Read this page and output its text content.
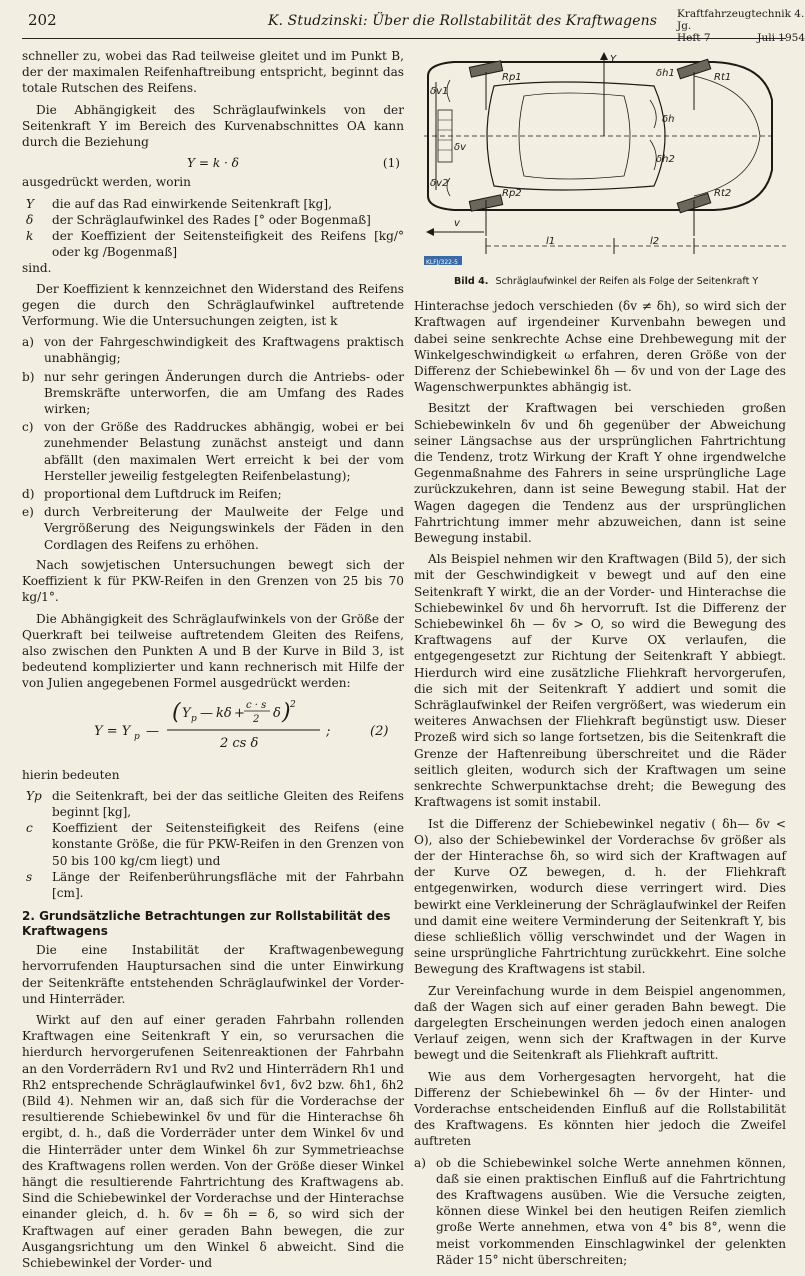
202	K. Studzinski: Über die Rollstabilität des Kraftwagens Kraftfahrzeugtechnik 4. Jg.
Heft 7	Juli 1954

schneller zu, wobei das Rad teilweise gleitet und im Punkt B, der der maximalen Reifenhaftreibung entspricht, beginnt das totale Rutschen des Reifens.

Die Abhängigkeit des Schräglaufwinkels von der Seitenkraft Y im Bereich des Kurvenabschnittes OA kann durch die Beziehung

Y = k · δ	(1)

ausgedrückt werden, worin

Y	die auf das Rad einwirkende Seitenkraft [kg],
δ	der Schräglaufwinkel des Rades [° oder Bogenmaß]
k	der Koeffizient der Seitensteifigkeit des Reifens [kg/° oder kg /Bogenmaß]
sind.

Der Koeffizient k kennzeichnet den Widerstand des Reifens gegen die durch den Schräglaufwinkel auftretende Verformung. Wie die Untersuchungen zeigten, ist k

a) von der Fahrgeschwindigkeit des Kraftwagens praktisch unabhängig;
b) nur sehr geringen Änderungen durch die Antriebs- oder Bremskräfte unterworfen, die am Umfang des Rades wirken;
c) von der Größe des Raddruckes abhängig, wobei er bei zunehmender Belastung zunächst ansteigt und dann abfällt (den maximalen Wert erreicht k bei der vom Hersteller jeweilig festgelegten Reifenbelastung);
d) proportional dem Luftdruck im Reifen;
e) durch Verbreiterung der Maulweite der Felge und Vergrößerung des Neigungswinkels der Fäden in den Cordlagen des Reifens zu erhöhen.

Nach sowjetischen Untersuchungen bewegt sich der Koeffizient k für PKW-Reifen in den Grenzen von 25 bis 70 kg/1°.

Die Abhängigkeit des Schräglaufwinkels von der Größe der Querkraft bei teilweise auftretendem Gleiten des Reifens, also zwischen den Punkten A und B der Kurve in Bild 3, ist bedeutend komplizierter und kann rechnerisch mit Hilfe der von Julien angegebenen Formel ausgedrückt werden:

Y = Y p —
( Y p — kδ +
c · s
2 δ ) 2
2 cs δ
;	(2)

hierin bedeuten

Yp die Seitenkraft, bei der das seitliche Gleiten des Reifens beginnt [kg],
c	Koeffizient der Seitensteifigkeit des Reifens (eine konstante Größe, die für PKW-Reifen in den Grenzen von 50 bis 100 kg/cm liegt) und
s	Länge der Reifenberührungsfläche mit der Fahrbahn [cm].
2. Grundsätzliche Betrachtungen zur Rollstabilität des Kraftwagens

Die eine Instabilität der Kraftwagenbewegung hervorrufenden Hauptursachen sind die unter Einwirkung der Seitenkräfte entstehenden Schräglaufwinkel der Vorder- und Hinterräder.

Wirkt auf den auf einer geraden Fahrbahn rollenden Kraftwagen eine Seitenkraft Y ein, so verursachen die hierdurch hervorgerufenen Seitenreaktionen der Fahrbahn an den Vorderrädern Rv1 und Rv2 und Hinterrädern Rh1 und Rh2 entsprechende Schräglaufwinkel δv1, δv2 bzw. δh1, δh2 (Bild 4). Nehmen wir an, daß sich für die Vorderachse der resultierende Schiebewinkel δv und für die Hinterachse δh ergibt, d. h., daß die Vorderräder unter dem Winkel δv und die Hinterräder unter dem Winkel δh zur Symmetrieachse des Kraftwagens rollen werden. Von der Größe dieser Winkel hängt die resultierende Fahrtrichtung des Kraftwagens ab. Sind die Schiebewinkel der Vorderachse und der Hinterachse einander gleich, d. h. δv = δh = δ, so wird sich der Kraftwagen auf einer geraden Bahn bewegen, die zur Ausgangsrichtung um den Winkel δ abweicht. Sind die Schiebewinkel der Vorder- und

Rp1	Rt1
Rp2	Rt2
Y
δv1
δv2
δh1
δh2
δv
δh
v
l1	l2
KLFJ/322-5
Bild 4. Schräglaufwinkel der Reifen als Folge der Seitenkraft Y

Hinterachse jedoch verschieden (δv ≠ δh), so wird sich der Kraftwagen auf irgendeiner Kurvenbahn bewegen und dabei seine senkrechte Achse eine Drehbewegung mit der Winkelgeschwindigkeit ω erfahren, deren Größe von der Differenz der Schiebewinkel δh — δv und von der Lage des Wagenschwerpunktes abhängig ist.

Besitzt der Kraftwagen bei verschieden großen Schiebewinkeln δv und δh gegenüber der Abweichung seiner Längsachse aus der ursprünglichen Fahrtrichtung die Tendenz, trotz Wirkung der Kraft Y ohne irgendwelche Gegenmaßnahme des Fahrers in seine ursprüngliche Lage zurückzukehren, dann ist seine Bewegung stabil. Hat der Wagen dagegen die Tendenz aus der ursprünglichen Fahrtrichtung immer mehr abzuweichen, dann ist seine Bewegung instabil.

Als Beispiel nehmen wir den Kraftwagen (Bild 5), der sich mit der Geschwindigkeit v bewegt und auf den eine Seitenkraft Y wirkt, die an der Vorder- und Hinterachse die Schiebewinkel δv und δh hervorruft. Ist die Differenz der Schiebewinkel δh — δv > O, so wird die Bewegung des Kraftwagens auf der Kurve OX verlaufen, die entgegengesetzt zur Richtung der Seitenkraft Y abbiegt. Hierdurch wird eine zusätzliche Fliehkraft hervorgerufen, die sich mit der Seitenkraft Y addiert und somit die Schräglaufwinkel der Reifen vergrößert, was wiederum ein weiteres Anwachsen der Fliehkraft begünstigt usw. Dieser Prozeß wird sich so lange fortsetzen, bis die Seitenkraft die Grenze der Haftenreibung überschreitet und die Räder seitlich gleiten, wodurch sich der Kraftwagen um seine senkrechte Schwerpunktachse dreht; die Bewegung des Kraftwagens ist somit instabil.

Ist die Differenz der Schiebewinkel negativ ( δh— δv < O), also der Schiebewinkel der Vorderachse δv größer als der der Hinterachse δh, so wird sich der Kraftwagen auf der Kurve OZ bewegen, d. h. der Fliehkraft entgegenwirken, wodurch diese verringert wird. Dies bewirkt eine Verkleinerung der Schräglaufwinkel der Reifen und damit eine weitere Verminderung der Seitenkraft Y, bis diese schließlich völlig verschwindet und der Wagen in seine ursprüngliche Fahrtrichtung zurückkehrt. Eine solche Bewegung des Kraftwagens ist stabil.

Zur Vereinfachung wurde in dem Beispiel angenommen, daß der Wagen sich auf einer geraden Bahn bewegt. Die dargelegten Erscheinungen werden jedoch einen analogen Verlauf zeigen, wenn sich der Kraftwagen in der Kurve bewegt und die Seitenkraft als Fliehkraft auftritt.

Wie aus dem Vorhergesagten hervorgeht, hat die Differenz der Schiebewinkel δh — δv der Hinter- und Vorderachse entscheidenden Einfluß auf die Rollstabilität des Kraftwagens. Es könnten hier jedoch die Zweifel auftreten

a) ob die Schiebewinkel solche Werte annehmen können, daß sie einen praktischen Einfluß auf die Fahrtrichtung des Kraftwagens ausüben. Wie die Versuche zeigten, können diese Winkel bei den heutigen Reifen ziemlich große Werte annehmen, etwa von 4° bis 8°, wenn die meist vorkommenden Einschlagwinkel der gelenkten Räder 15° nicht überschreiten;
